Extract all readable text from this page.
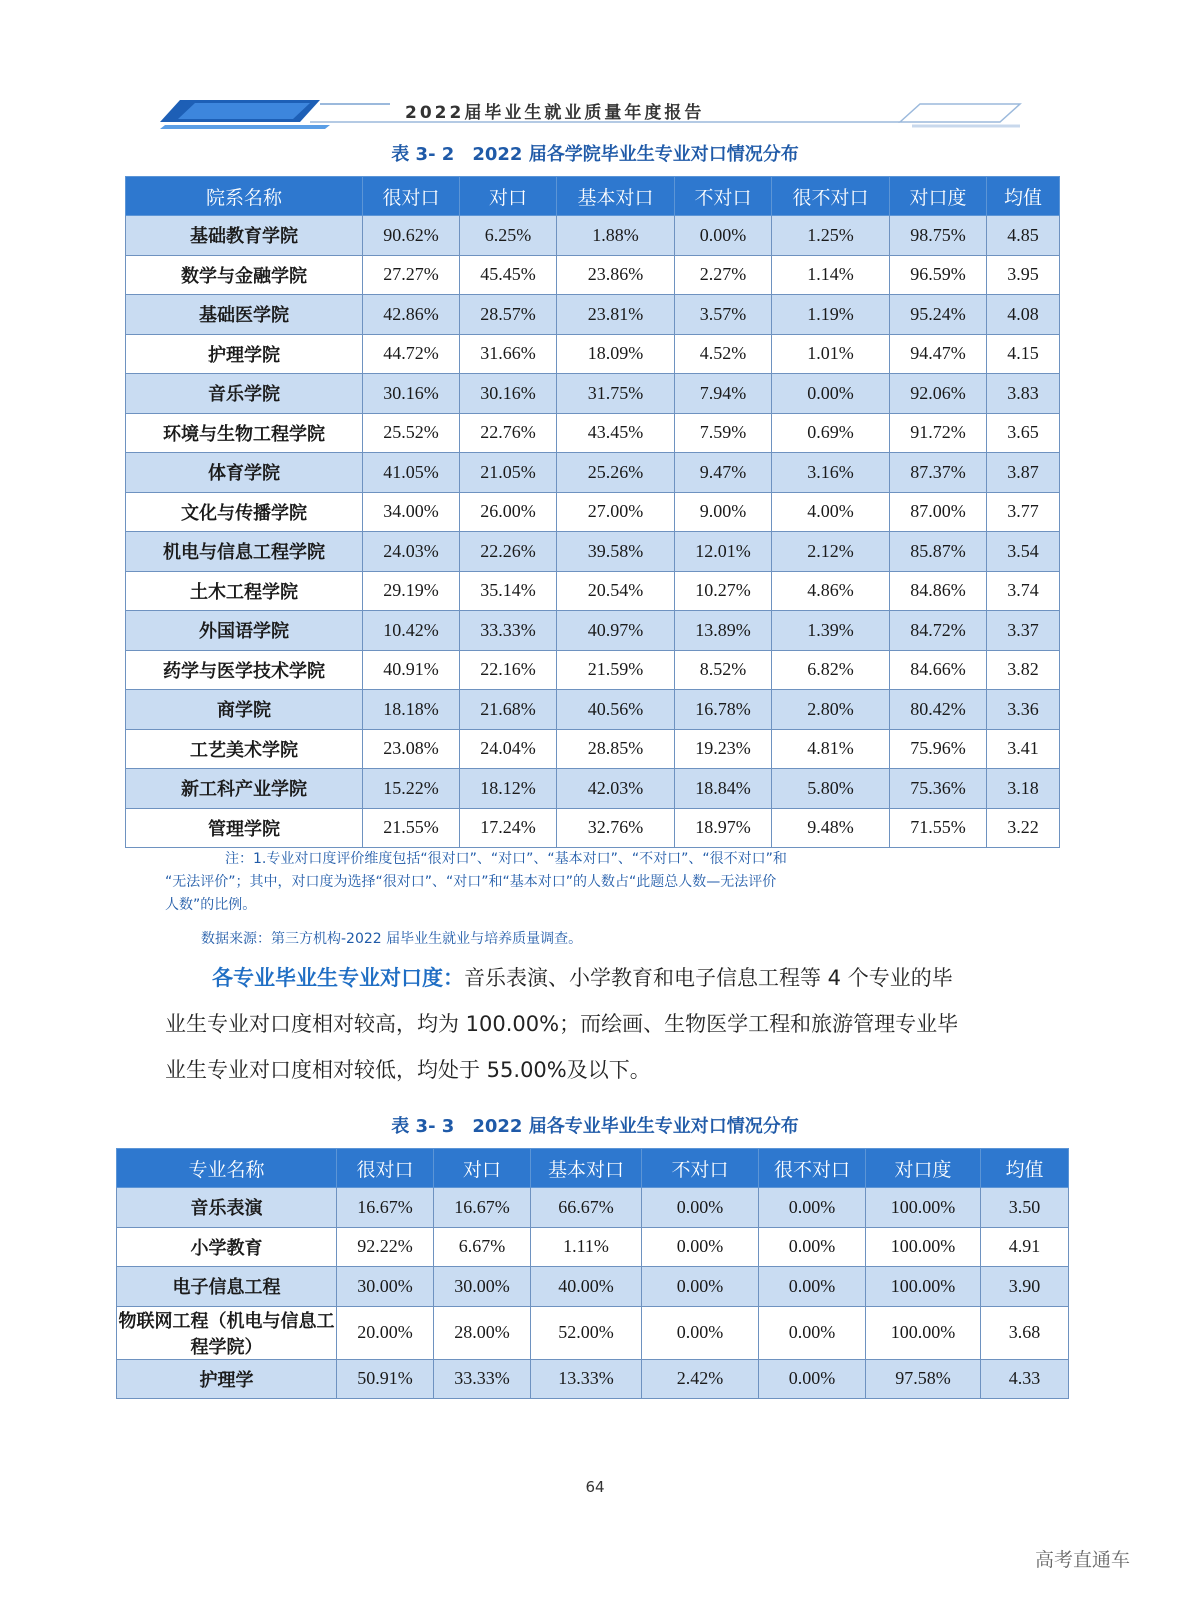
2022届毕业生就业质量年度报告
表 3- 2　2022 届各学院毕业生专业对口情况分布
院系名称	很对口	对口	基本对口	不对口	很不对口	对口度	均值
基础教育学院	90.62%	6.25%	1.88%	0.00%	1.25%	98.75%	4.85
数学与金融学院	27.27%	45.45%	23.86%	2.27%	1.14%	96.59%	3.95
基础医学院	42.86%	28.57%	23.81%	3.57%	1.19%	95.24%	4.08
护理学院	44.72%	31.66%	18.09%	4.52%	1.01%	94.47%	4.15
音乐学院	30.16%	30.16%	31.75%	7.94%	0.00%	92.06%	3.83
环境与生物工程学院	25.52%	22.76%	43.45%	7.59%	0.69%	91.72%	3.65
体育学院	41.05%	21.05%	25.26%	9.47%	3.16%	87.37%	3.87
文化与传播学院	34.00%	26.00%	27.00%	9.00%	4.00%	87.00%	3.77
机电与信息工程学院	24.03%	22.26%	39.58%	12.01%	2.12%	85.87%	3.54
土木工程学院	29.19%	35.14%	20.54%	10.27%	4.86%	84.86%	3.74
外国语学院	10.42%	33.33%	40.97%	13.89%	1.39%	84.72%	3.37
药学与医学技术学院	40.91%	22.16%	21.59%	8.52%	6.82%	84.66%	3.82
商学院	18.18%	21.68%	40.56%	16.78%	2.80%	80.42%	3.36
工艺美术学院	23.08%	24.04%	28.85%	19.23%	4.81%	75.96%	3.41
新工科产业学院	15.22%	18.12%	42.03%	18.84%	5.80%	75.36%	3.18
管理学院	21.55%	17.24%	32.76%	18.97%	9.48%	71.55%	3.22
注：1.专业对口度评价维度包括“很对口”、“对口”、“基本对口”、“不对口”、“很不对口”和
“无法评价”；其中，对口度为选择“很对口”、“对口”和“基本对口”的人数占“此题总人数—无法评价
人数”的比例。
数据来源：第三方机构-2022 届毕业生就业与培养质量调查。
各专业毕业生专业对口度：音乐表演、小学教育和电子信息工程等 4 个专业的毕
业生专业对口度相对较高，均为 100.00%；而绘画、生物医学工程和旅游管理专业毕
业生专业对口度相对较低，均处于 55.00%及以下。
表 3- 3　2022 届各专业毕业生专业对口情况分布
专业名称	很对口	对口	基本对口	不对口	很不对口	对口度	均值
音乐表演	16.67%	16.67%	66.67%	0.00%	0.00%	100.00%	3.50
小学教育	92.22%	6.67%	1.11%	0.00%	0.00%	100.00%	4.91
电子信息工程	30.00%	30.00%	40.00%	0.00%	0.00%	100.00%	3.90
物联网工程（机电与信息工程学院）	20.00%	28.00%	52.00%	0.00%	0.00%	100.00%	3.68
护理学	50.91%	33.33%	13.33%	2.42%	0.00%	97.58%	4.33
64
高考直通车
